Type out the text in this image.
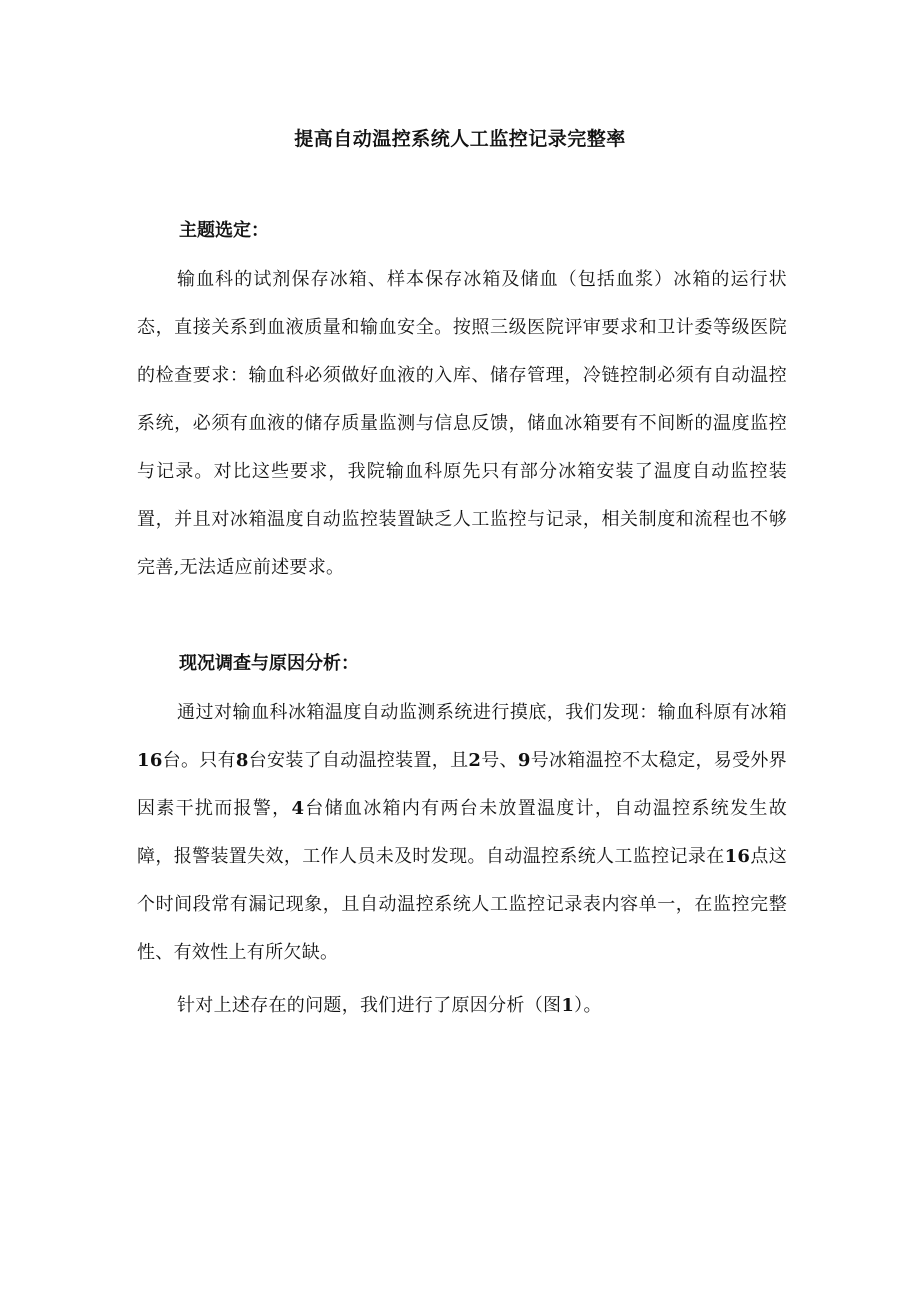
提高自动温控系统人工监控记录完整率
主题选定：

输血科的试剂保存冰箱、样本保存冰箱及储血（包括血浆）冰箱的运行状态，直接关系到血液质量和输血安全。按照三级医院评审要求和卫计委等级医院的检查要求：输血科必须做好血液的入库、储存管理，冷链控制必须有自动温控系统，必须有血液的储存质量监测与信息反馈，储血冰箱要有不间断的温度监控与记录。对比这些要求，我院输血科原先只有部分冰箱安装了温度自动监控装置，并且对冰箱温度自动监控装置缺乏人工监控与记录，相关制度和流程也不够完善,无法适应前述要求。

现况调查与原因分析：

通过对输血科冰箱温度自动监测系统进行摸底，我们发现：输血科原有冰箱16台。只有8台安装了自动温控装置，且2号、9号冰箱温控不太稳定，易受外界因素干扰而报警，4台储血冰箱内有两台未放置温度计，自动温控系统发生故障，报警装置失效，工作人员未及时发现。自动温控系统人工监控记录在16点这个时间段常有漏记现象，且自动温控系统人工监控记录表内容单一，在监控完整性、有效性上有所欠缺。

针对上述存在的问题，我们进行了原因分析（图1）。
